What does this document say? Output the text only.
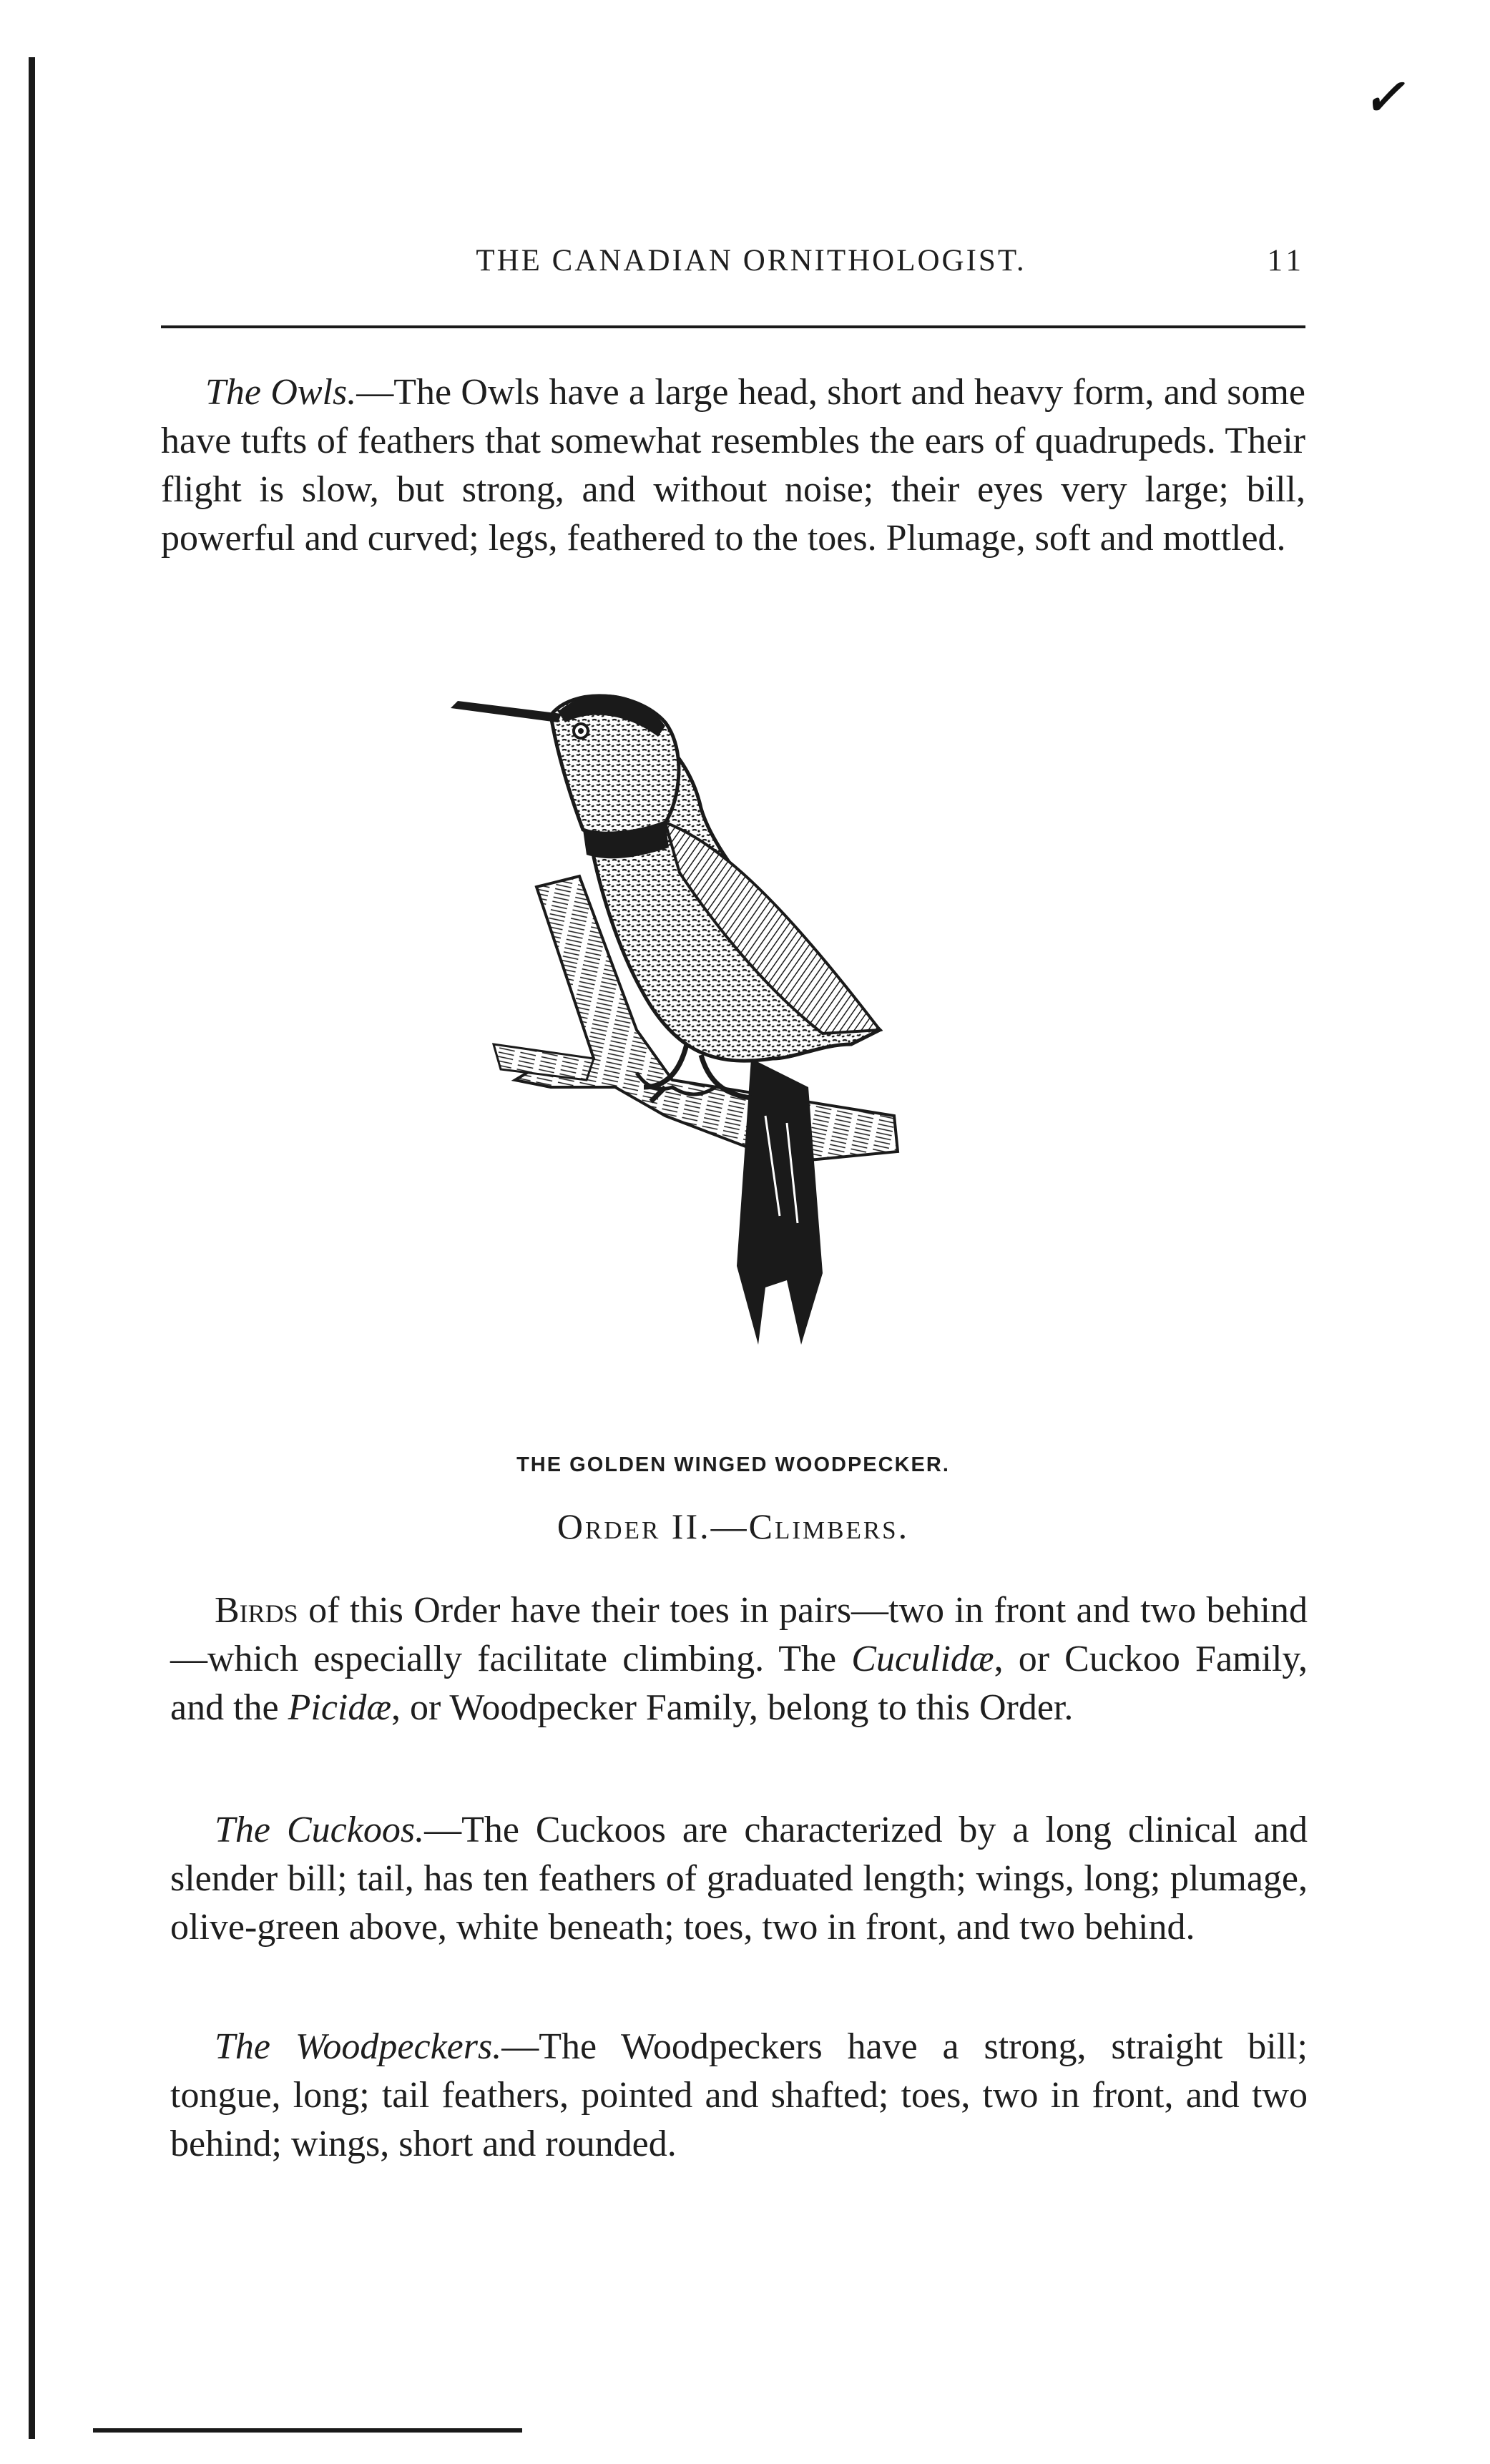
✓
THE CANADIAN ORNITHOLOGIST.	11

The Owls.—The Owls have a large head, short and heavy form, and some have tufts of feathers that somewhat resembles the ears of quadrupeds. Their flight is slow, but strong, and without noise; their eyes very large; bill, powerful and curved; legs, feathered to the toes. Plumage, soft and mottled.

THE GOLDEN WINGED WOODPECKER.
Order II.—Climbers.

Birds of this Order have their toes in pairs—two in front and two behind—which especially facilitate climbing. The Cuculidæ, or Cuckoo Family, and the Picidæ, or Woodpecker Family, belong to this Order.

The Cuckoos.—The Cuckoos are characterized by a long clinical and slender bill; tail, has ten feathers of graduated length; wings, long; plumage, olive-green above, white beneath; toes, two in front, and two behind.

The Woodpeckers.—The Woodpeckers have a strong, straight bill; tongue, long; tail feathers, pointed and shafted; toes, two in front, and two behind; wings, short and rounded.
